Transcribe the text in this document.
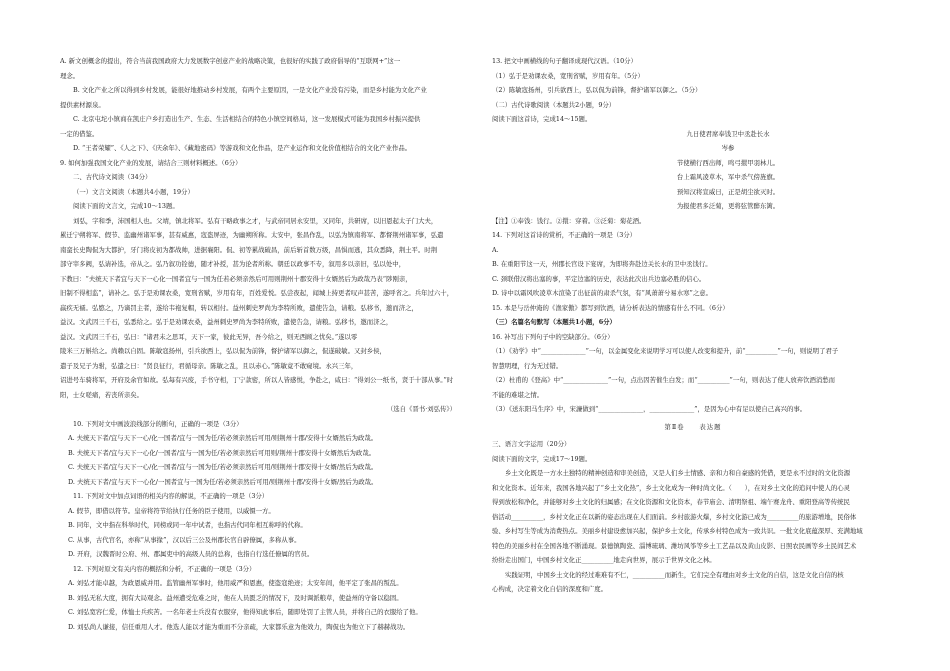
A. 新文创概念的提出，符合当前我国政府大力发展数字创意产业的战略决策，也很好的实践了政府倡导的“互联网+”这一

理念。

B. 文化产业之所以得到乡村发展，能很好地推动乡村发展，有两个主要原因，一是文化产业没有污染，而是乡村能为文化产业

提供素材源泉。

C. 北京屯坨小镇商在凯庄户乡打造出生产、生态、生活相结合的特色小镇空间格局，这一发展模式可能为我国乡村振兴提供

一定的借鉴。

D. “王者荣耀”、《人之下》、《庆余年》、《藏地密码》等游戏和文化作品，是产业运作和文化价值相结合的文化产业作品。

9. 如何加强我国文化产业的发展，请结合三则材料概述。（6分）

二、古代诗文阅读（34分）

（一）文言文阅读（本题共4小题，19分）

阅读下面的文言文，完成10～13题。

刘弘，字和季，沛国相人也。父靖，镇北将军。弘有干略政事之才，与武帝同居永安里，又同年，共研席，以旧恩起太子门大夫，

累迁宁朔将军、假节、监幽州诸军事，甚有威惠，寇盗屏迹，为幽朔所称。太安中，张昌作乱，以弘为镇南将军、都督荆州诸军事，弘遣

南蛮长史陶侃为大都护，牙门将皮初为都战帅，进据襄阳。侃、初等累战破昌，前后斩首数万级，昌惧而逃，其众悉降，荆土平。时荆

部守宰多阙，弘请补选，帝从之。弘乃叙功铨德，随才补授，甚为论者所称。朝廷以政事不专，叙用多以亲旧，弘以处中，

下教曰：“夫统天下者宜与天下一心化一国者宜与一国为任若必须亲然后可用则荆州十郡安得十女婿然后为政哉乃表“陟刚亲，

旧制不得相监”，请补之。弘于是劝课农桑，宽刑省赋，岁用有年，百姓爱悦。弘尝夜起，闻城上持更者叹声甚苦，遂呼省之。兵年过六十，

羸疾无襦。弘愍之，乃谪罚主者，遂给韦袍复帽，转以相付。益州刺史罗尚为李特所败，遣使告急，请粮。弘移书，邀而济之，

益汉。文武因三千石，弘悉给之。弘于是劝课农桑，益州刺史罗尚为李特所败，遣使告急，请粮。弘移书，邀而济之，

益汉。文武因三千石，弘曰：“诸君未之思耳，天下一家，彼此无异，吾今给之，则无西顾之忧矣。”遂以零

陵米三万斛给之。尚赖以自固。陈敏寇扬州，引兵欲西上，弘以侃为前锋，督护诸军以御之，侃遂破敏。又封乡侯，

遣子及兄子为驸，弘遣之曰：“贤良征行，君循母亲。陈敏之乱，且以赤心。”陈敏竟不敢窥境。永兴三年，

诏进号车骑将军，开府及余官如故。弘每有兴废，手书守相，丁宁款密，所以人皆感悦，争赴之，咸曰：“得刘公一纸书，贤于十部从事。”时

阳，士女嗟痛，若丧所亲矣。

（选自《晋书·刘弘传》）

10. 下列对文中画波浪线部分的断句，正确的一项是（3分）

A. 夫统天下者/宜与天下一心/化一国者/宜与一国为任/若必须亲然后可用/则荆州十郡/安得十女婿然后为政哉。

B. 夫统天下者/宜与天下一心化/一国者/宜与一国为任/若必须亲然后可用则/荆州十郡安得十女婿然后为政哉。

C. 夫统天下者/宜与天下一心/化一国者/宜与一国为任/若必须亲然后可用/则荆州十郡安得十女婿/然后为政哉。

D. 夫统天下者/宜与天下一心化/一国者宜与一国为任/若必须亲然后可用/则荆州十郡/安得十女婿/然后为政哉。

11. 下列对文中加点词语的相关内容的解说，不正确的一项是（3分）

A. 假节，即借以符节。皇帝将符节给执行任务的臣子使用，以威慑一方。

B. 同年，文中指在科举时代，同榜或同一年中试者，也指古代同年相互称呼的代称。

C. 从事，古代官名，亦称“从事掾”，汉以后三公及州郡长官自辟僚属，多称从事。

D. 开府，汉魏晋时公府、州、郡属吏中的高级人员的总称，也指自行选任僚属的官员。

12. 下列对原文有关内容的概括和分析，不正确的一项是（3分）

A. 刘弘才能卓越，为政恩威并用。监管幽州军事时，他用威严和恩惠，使盗寇绝迹；太安年间，他平定了张昌的叛乱。

B. 刘弘无私大度，拥有大局观念。益州遭受危难之时，他在人员匮乏的情况下，及时调派粮草，使益州的守备以稳固。

C. 刘弘宽容仁爱，体恤士兵疾苦。一名年老士兵没有衣服穿，他得知此事后，随即处罚了主管人员，并将自己的衣服给了他。

D. 刘弘尚人谦接，信任重用人才。他选人能以才能为重而不分亲疏，大家都乐意为他效力，陶侃也为他立下了赫赫战功。

13. 把文中画横线的句子翻译成现代汉语。（10分）

（1）弘于是劝课农桑，宽刑省赋，岁用有年。（5分）

（2）陈敏寇扬州，引兵欲西上，弘以侃为前锋，督护诸军以御之。（5分）

（二）古代诗歌阅读（本题共2小题，9分）

阅读下面这首诗，完成14～15题。

九日使君席奉饯卫中丞赴长水

岑参

节使横行西出师，鸣弓擐甲羽林儿。

台上霜风凌草木，军中杀气傍旌旗。

预知汉将宣威日，正是胡尘欲灭时。

为报使君多泛菊，更将弦管醉东篱。

【注】①奉饯：饯行。②擐：穿着。③泛菊：菊花酒。

14. 下列对这首诗的赏析，不正确的一项是（3分）

A.

B. 在重阳节这一天，州郡长官设下宴席，为即将奔赴边关长水的卫中丞饯行。

C. 颈联借汉将出塞的事，平定边塞的历史，表达此次出兵边塞必胜的信心。

D. 诗中以霜风吹凌草木渲染了出征前的肃杀气氛，有“风萧萧兮易水寒”之意。

15. 本是与岳仲淹的《渔家傲》都写到饮酒，请分析表达的情感有什么不同。（6分）

（三）名篇名句默写（本题共1小题，6分）

16. 补写出下列句子中的空缺部分。（6分）

（1）《劝学》中“______________”一句，以金属变化来说明学习可以使人改变和提升，前“__________”一句，则说明了君子

智慧明理，行为无过错。

（2）杜甫的《登高》中“______________”一句，点出因苦催生白发；而“__________”一句，则表达了使人放弃饮酒消愁而

不能的难堪之情。

（3）《送东阳马生序》中，宋濂做到“______________，______________”，是因为心中有足以使自己高兴的事。

第Ⅱ卷　　表达题

三、语言文字运用（20分）

阅读下面的文字，完成17～19题。

乡土文化既是一方水土独特的精神创造和审美创造，又是人们乡土情感、亲和力和自豪感的凭借，更是永不过时的文化资源

和文化资本。近年来，我国各地兴起了“乡土文化热”，乡土文化成为一种时尚文化。（　　），在对乡土文化的追问中使人的心灵

得到放松和净化，并能够对乡土文化的归属感；在文化资源和文化资本，春节庙会、清明祭祖、端午赛龙舟、重阳登高等传统民

俗活动__________，乡村文化正在以新的姿态出现在人们面前。乡村旅游火爆，乡村文化游已成为__________的旅游增地，民俗体

验、乡村写生等成为消费热点。美丽乡村建设愈加兴起，保护乡土文化，传承乡村特色成为一致共识。一批文化底蕴深厚、充满地域

特色的美丽乡村在全国各地不断涌现。景德镇陶瓷、淄博琉璃、潍坊风筝等乡土工艺品以及黄山皮影、日照农民画等乡土民间艺术

纷纷走出国门，中国乡村文化正__________地走向世界，展示于世界文化之林。

实践证明，中国乡土文化的经过难难有不仁，__________而新生，它们完全有理由对乡土文化的自信，这是文化自信的核

心构成，决定着文化自信的深度和广度。
